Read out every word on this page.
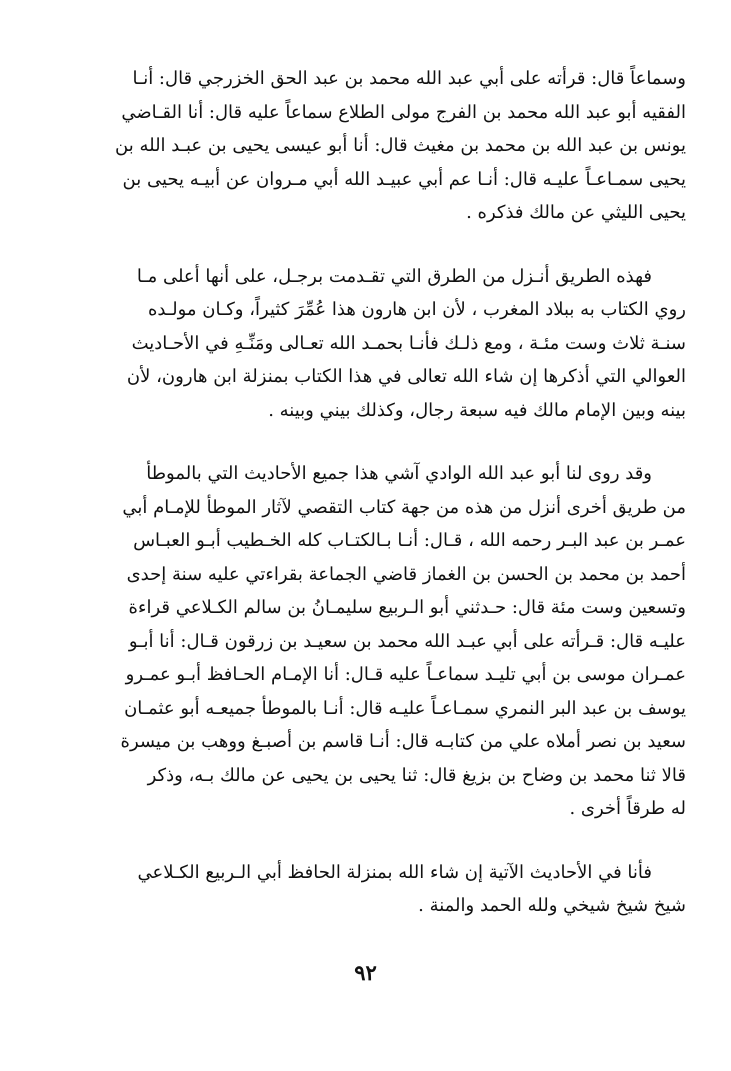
وسماعاً قال: قرأته على أبي عبد الله محمد بن عبد الحق الخزرجي قال: أنـا
الفقيه أبو عبد الله محمد بن الفرج مولى الطلاع سماعاً عليه قال: أنا القـاضي
يونس بن عبد الله بن محمد بن مغيث قال: أنا أبو عيسى يحيى بن عبـد الله بن
يحيى سمـاعـاً عليـه قال: أنـا عم أبي عبيـد الله أبي مـروان عن أبيـه يحيى بن
يحيى الليثي عن مالك فذكره .

فهذه الطريق أنـزل من الطرق التي تقـدمت برجـل، على أنها أعلى مـا
روي الكتاب به ببلاد المغرب ، لأن ابن هارون هذا عُمِّرَ كثيراً، وكـان مولـده
سنـة ثلاث وست مئـة ، ومع ذلـك فأنـا بحمـد الله تعـالى ومَنِّـهِ في الأحـاديث
العوالي التي أذكرها إن شاء الله تعالى في هذا الكتاب بمنزلة ابن هارون، لأن
بينه وبين الإمام مالك فيه سبعة رجال، وكذلك بيني وبينه .

وقد روى لنا أبو عبد الله الوادي آشي هذا جميع الأحاديث التي بالموطأ
من طريق أخرى أنزل من هذه من جهة كتاب التقصي لآثار الموطأ للإمـام أبي
عمـر بن عبد البـر رحمه الله ، قـال: أنـا بـالكتـاب كله الخـطيب أبـو العبـاس
أحمد بن محمد بن الحسن بن الغماز قاضي الجماعة بقراءتي عليه سنة إحدى
وتسعين وست مئة قال: حـدثني أبو الـربيع سليمـانُ بن سالم الكـلاعي قراءة
عليـه قال: قـرأته على أبي عبـد الله محمد بن سعيـد بن زرقون قـال: أنا أبـو
عمـران موسى بن أبي تليـد سماعـاً عليه قـال: أنا الإمـام الحـافظ أبـو عمـرو
يوسف بن عبد البر النمري سمـاعـاً عليـه قال: أنـا بالموطأ جميعـه أبو عثمـان
سعيد بن نصر أملاه علي من كتابـه قال: أنـا قاسم بن أصبـغ ووهب بن ميسرة
قالا ثنا محمد بن وضاح بن بزيغ قال: ثنا يحيى بن يحيى عن مالك بـه، وذكر
له طرقاً أخرى .

فأنا في الأحاديث الآتية إن شاء الله بمنزلة الحافظ أبي الـربيع الكـلاعي
شيخ شيخ شيخي ولله الحمد والمنة .

٩٢
